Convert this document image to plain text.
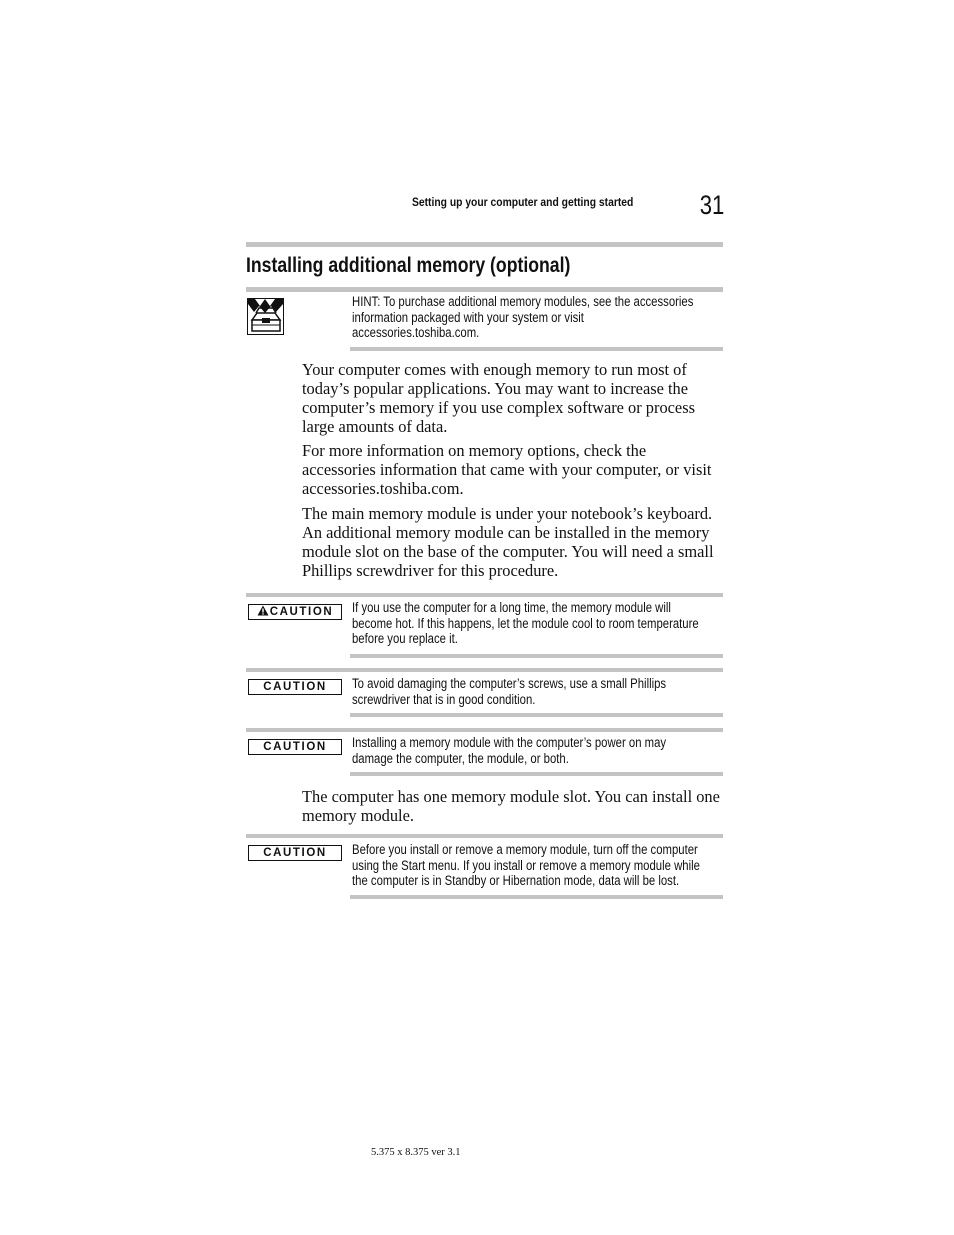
Setting up your computer and getting started 31
Installing additional memory (optional)
HINT: To purchase additional memory modules, see the accessories
information packaged with your system or visit
accessories.toshiba.com.

Your computer comes with enough memory to run most of today’s popular applications. You may want to increase the computer’s memory if you use complex software or process large amounts of data.

For more information on memory options, check the accessories information that came with your computer, or visit accessories.toshiba.com.

The main memory module is under your notebook’s keyboard. An additional memory module can be installed in the memory module slot on the base of the computer. You will need a small Phillips screwdriver for this procedure.

CAUTION	If you use the computer for a long time, the memory module will
become hot. If this happens, let the module cool to room temperature
before you replace it.
CAUTION	To avoid damaging the computer’s screws, use a small Phillips
screwdriver that is in good condition.
CAUTION	Installing a memory module with the computer’s power on may
damage the computer, the module, or both.

The computer has one memory module slot. You can install one memory module.

CAUTION	Before you install or remove a memory module, turn off the computer
using the Start menu. If you install or remove a memory module while
the computer is in Standby or Hibernation mode, data will be lost.
5.375 x 8.375 ver 3.1
